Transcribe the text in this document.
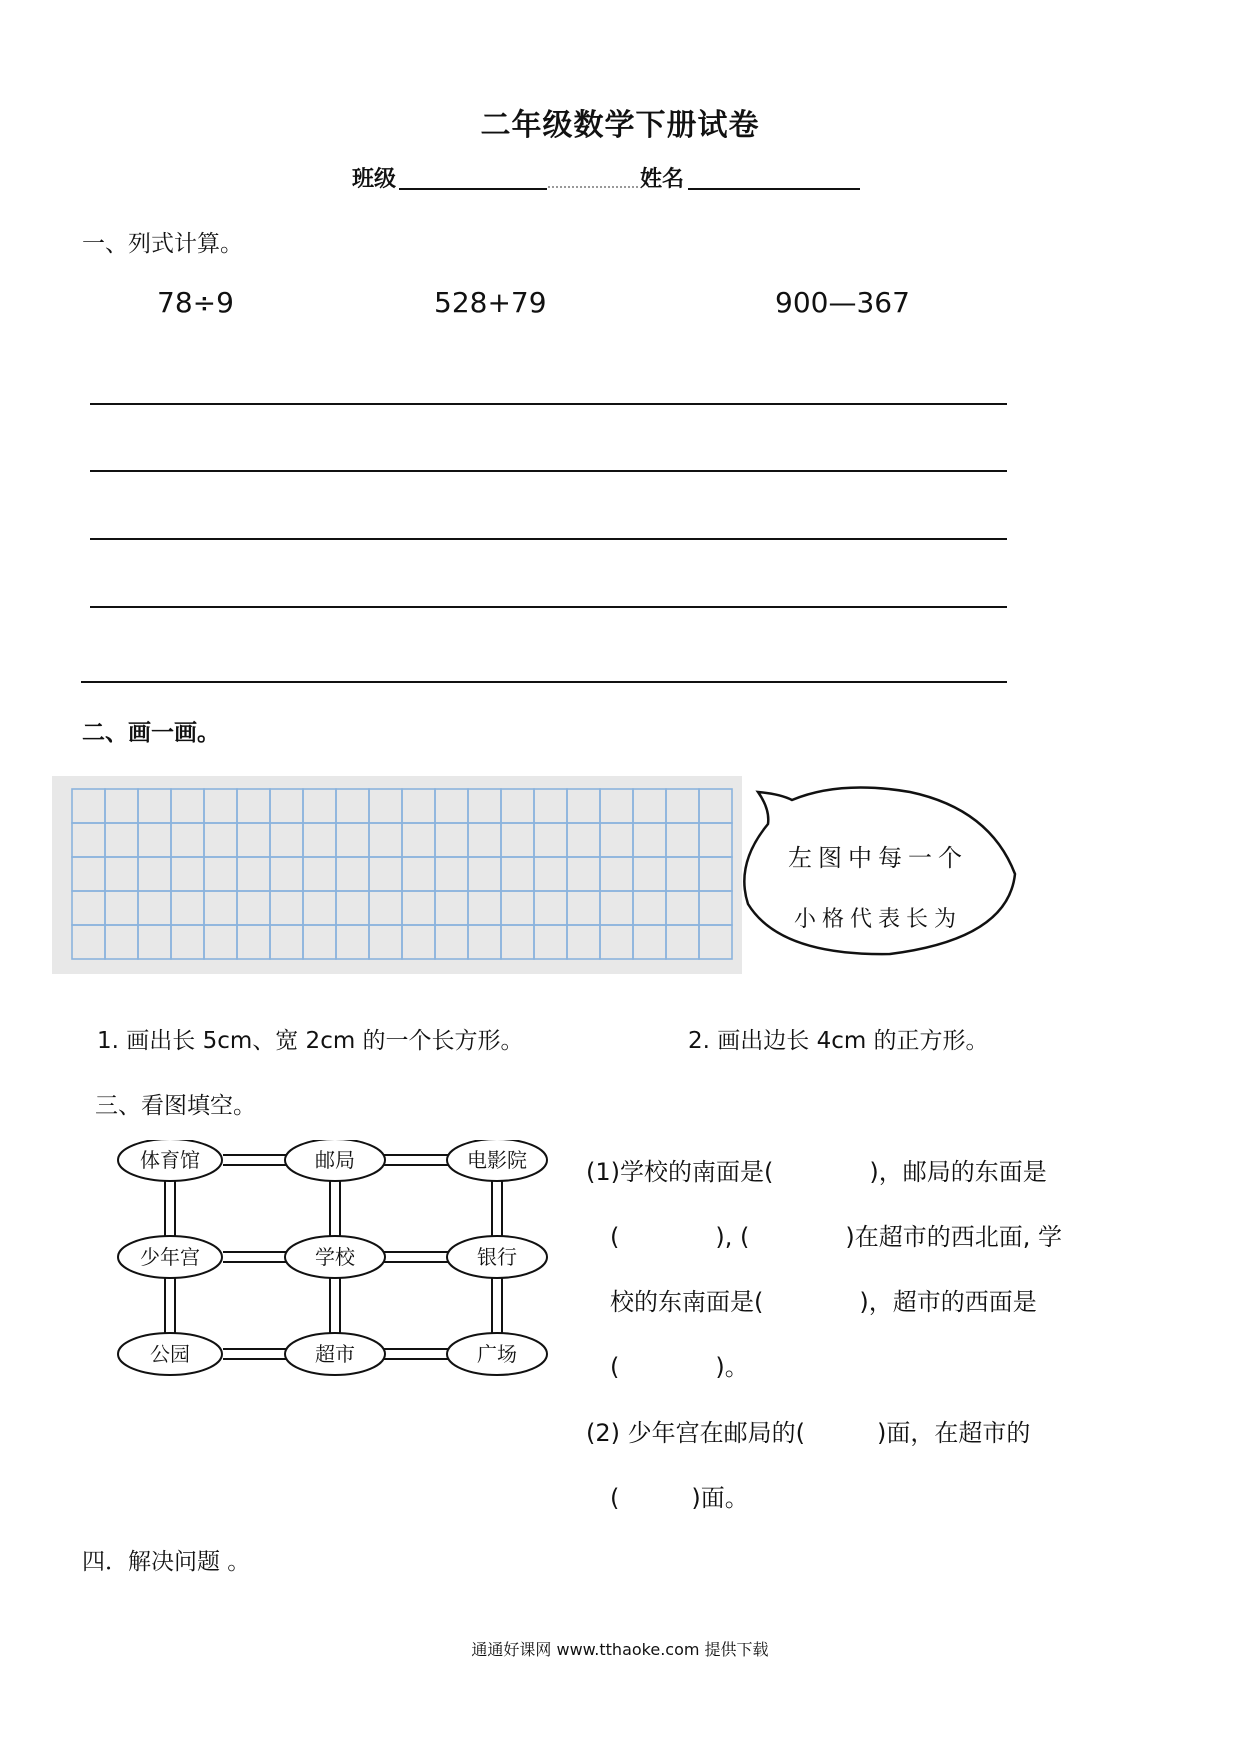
二年级数学下册试卷
班级	姓名
一、列式计算。
78÷9	528+79	900—367
二、画一画。
左图中每一个
小格代表长为
1. 画出长 5cm、宽 2cm 的一个长方形。	2. 画出边长 4cm 的正方形。
三、看图填空。
体育馆	邮局	电影院
少年宫	学校	银行
公园	超市	广场
(1)学校的南面是(　　　　)，邮局的东面是
(　　　　), (　　　　)在超市的西北面, 学
校的东南面是(　　　　)，超市的西面是
(　　　　)。
(2) 少年宫在邮局的(　　　)面，在超市的
(　　　)面。
四．解决问题 。
通通好课网 www.tthaoke.com 提供下载
